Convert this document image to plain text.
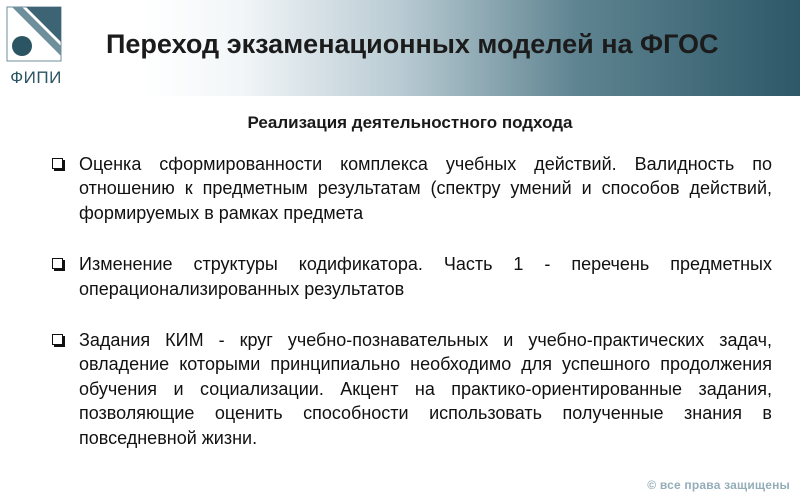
ФИПИ
Переход экзаменационных моделей на ФГОС
Реализация деятельностного подхода
Оценка сформированности комплекса учебных действий. Валидность по отношению к предметным результатам (спектру умений и способов действий, формируемых в рамках предмета
Изменение структуры кодификатора. Часть 1 - перечень предметных операционализированных результатов
Задания КИМ - круг учебно-познавательных и учебно-практических задач, овладение которыми принципиально необходимо для успешного продолжения обучения и социализации. Акцент на практико-ориентированные задания, позволяющие оценить способности использовать полученные знания в повседневной жизни.
© все права защищены
